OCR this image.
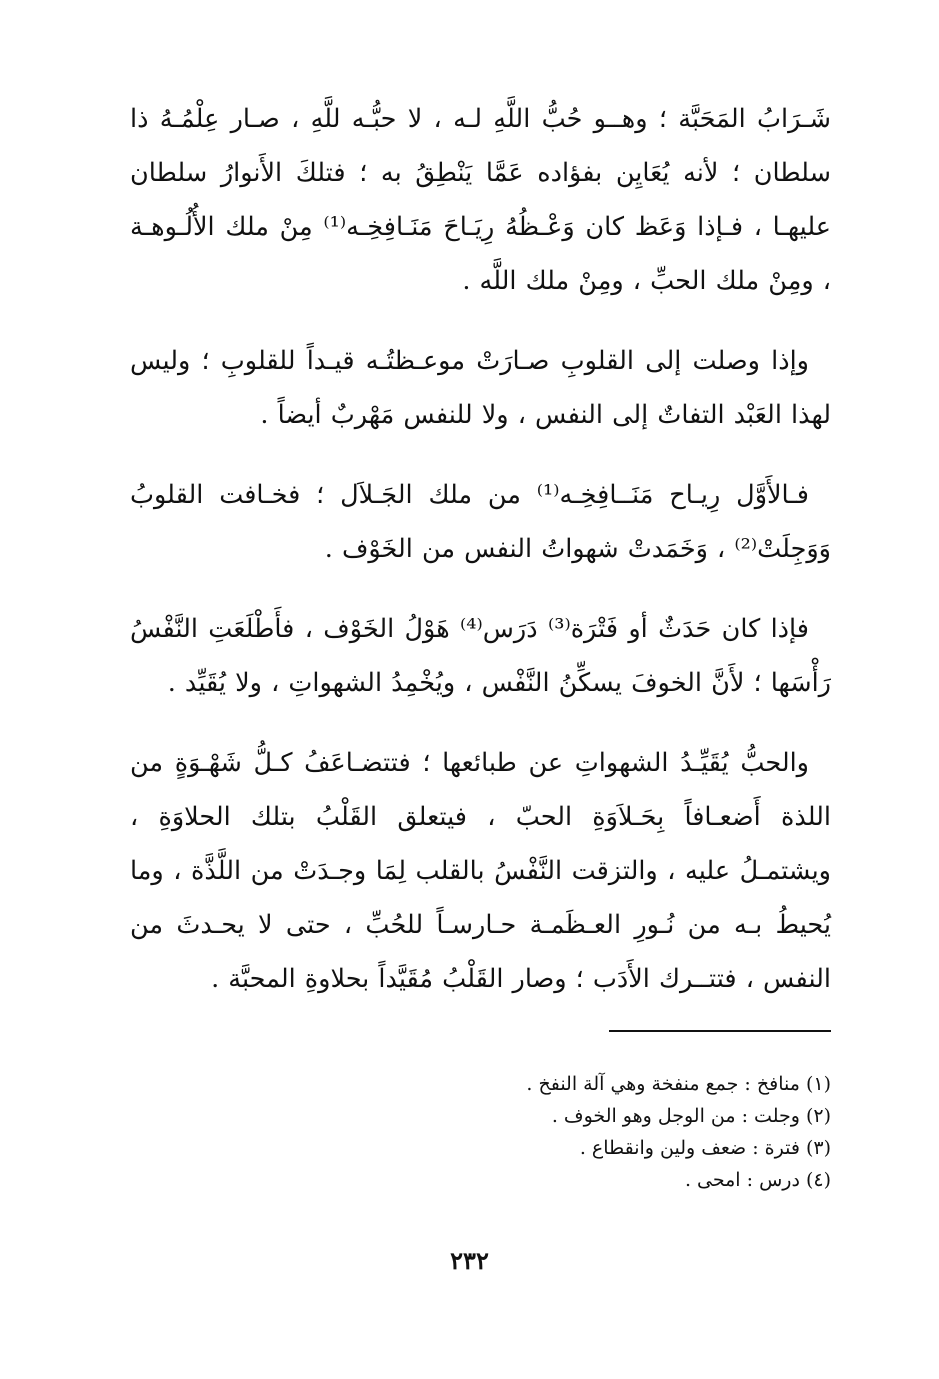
شَـرَابُ المَحَبَّة ؛ وهــو حُبُّ اللَّهِ لـه ، لا حبُّـه للَّهِ ، صـار عِلْمُـهُ ذا سلطان ؛ لأنه يُعَايِن بفؤاده عَمَّا يَنْطِقُ به ؛ فتلكَ الأَنوارُ سلطان عليهـا ، فـإذا وَعَظ كان وَعْـظُهُ رِيَـاحَ مَنَـافِخِـه⁽¹⁾ مِنْ ملك الأُلُـوهـة ، ومِنْ ملك الحبِّ ، ومِنْ ملك اللَّه .

وإذا وصلت إلى القلوبِ صـارَتْ موعـظتُـه قيـداً للقلوبِ ؛ وليس لهذا العَبْد التفاتٌ إلى النفس ، ولا للنفس مَهْربٌ أيضاً .

فـالأَوَّل رِيـاح مَنَــافِخِـه⁽¹⁾ من ملك الجَـلاَل ؛ فخـافت القلوبُ وَوَجِلَتْ⁽²⁾ ، وَخَمَدتْ شهواتُ النفس من الخَوْف .

فإذا كان حَدَثٌ أو فَتْرَة⁽³⁾ دَرَس⁽⁴⁾ هَوْلُ الخَوْف ، فأَطْلَعَتِ النَّفْسُ رَأْسَها ؛ لأَنَّ الخوفَ يسكِّنُ النَّفْس ، ويُخْمِدُ الشهواتِ ، ولا يُقَيِّد .

والحبُّ يُقَيِّـدُ الشهواتِ عن طبائعها ؛ فتتضـاعَفُ كـلُّ شَهْـوَةٍ من اللذة أَضعـافاً بِحَـلاَوَةِ الحبّ ، فيتعلق القَلْبُ بتلك الحلاوَةِ ، ويشتمـلُ عليه ، والتزقت النَّفْسُ بالقلب لِمَا وجـدَتْ من اللَّذَّة ، وما يُحيطُ بـه من نُـورِ العـظَمـة حـارسـاً للحُبِّ ، حتى لا يحـدثَ من النفس ، فتتــرك الأَدَب ؛ وصار القَلْبُ مُقَيَّداً بحلاوةِ المحبَّة .

(١) منافخ : جمع منفخة وهي آلة النفخ .

(٢) وجلت : من الوجل وهو الخوف .

(٣) فترة : ضعف ولين وانقطاع .

(٤) درس : امحى .

٢٣٢
